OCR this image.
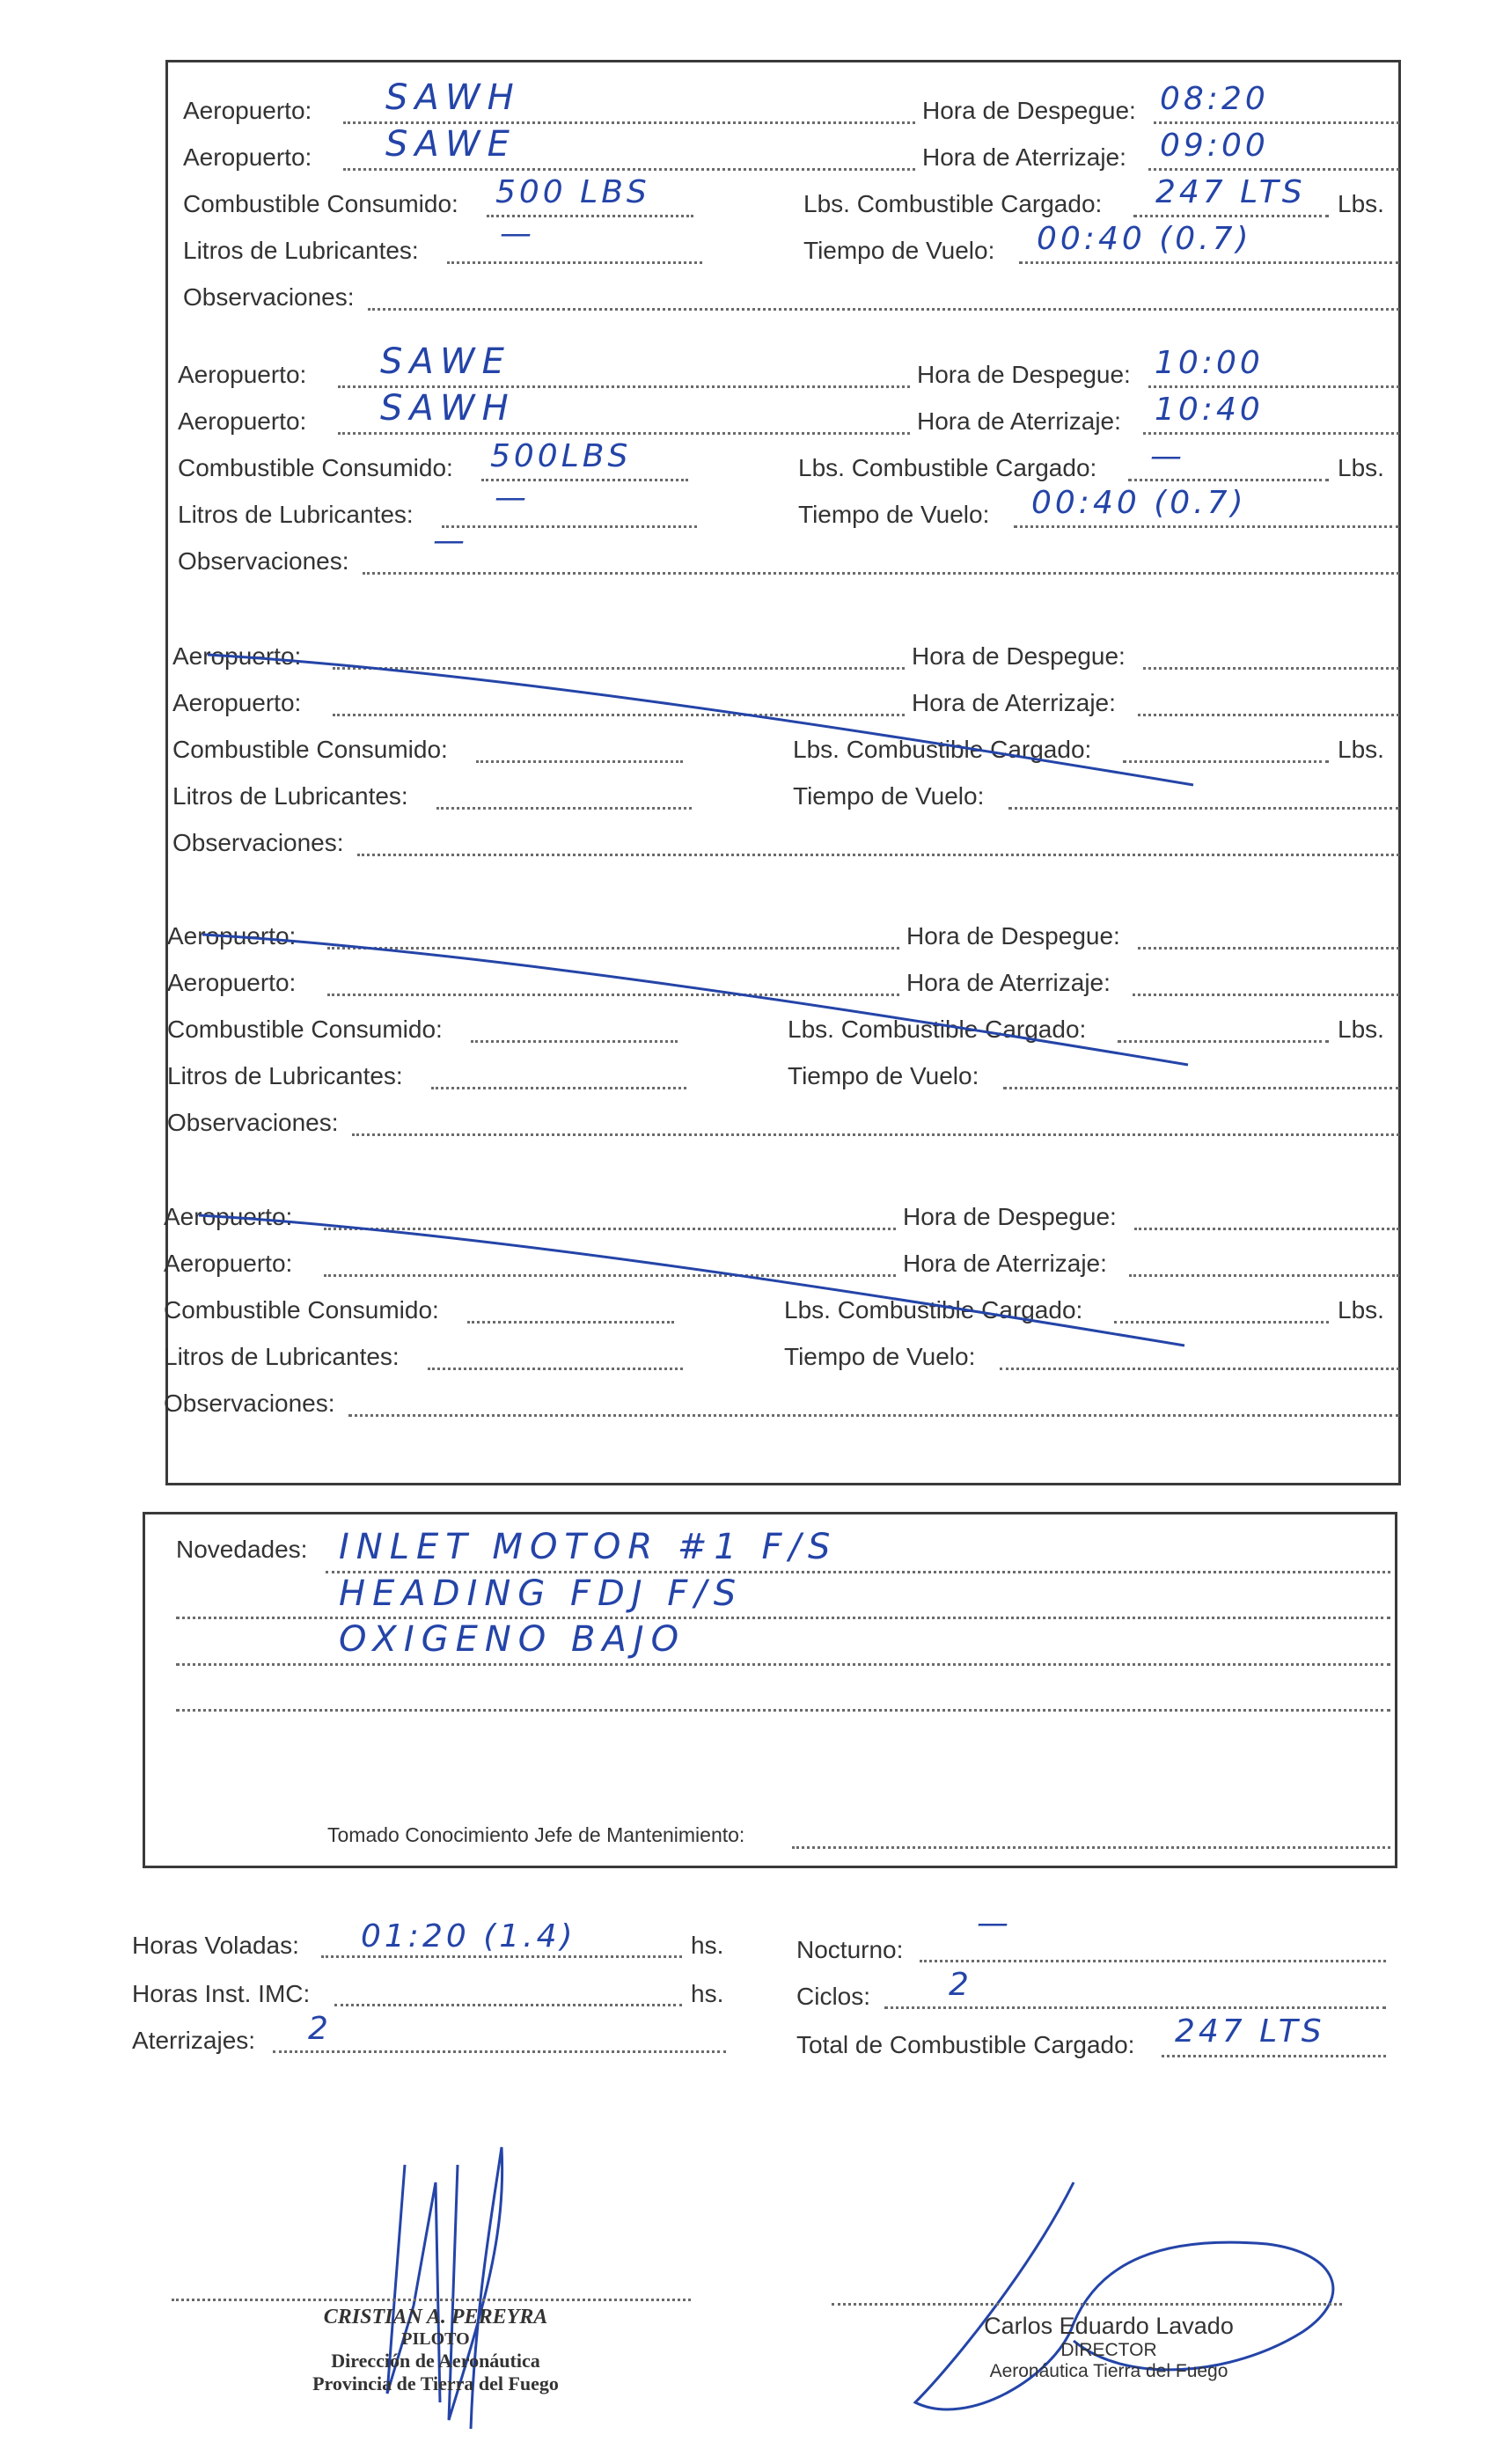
Aeropuerto:	Hora de Despegue:
SAWH	08:20
Aeropuerto:	Hora de Aterrizaje:
SAWE	09:00
Combustible Consumido:	Lbs. Combustible Cargado:	Lbs.
500 LBS	247 LTS
Litros de Lubricantes:	Tiempo de Vuelo:
—	00:40 (0.7)
Observaciones:
Aeropuerto:	Hora de Despegue:
SAWE	10:00
Aeropuerto:	Hora de Aterrizaje:
SAWH	10:40
Combustible Consumido:	Lbs. Combustible Cargado:	Lbs.
500LBS	—
Litros de Lubricantes:	Tiempo de Vuelo:
—	00:40 (0.7)
Observaciones:
—
Aeropuerto:	Hora de Despegue:
Aeropuerto:	Hora de Aterrizaje:
Combustible Consumido:	Lbs. Combustible Cargado:	Lbs.
Litros de Lubricantes:	Tiempo de Vuelo:
Observaciones:
Aeropuerto:	Hora de Despegue:
Aeropuerto:	Hora de Aterrizaje:
Combustible Consumido:	Lbs. Combustible Cargado:	Lbs.
Litros de Lubricantes:	Tiempo de Vuelo:
Observaciones:
Aeropuerto:	Hora de Despegue:
Aeropuerto:	Hora de Aterrizaje:
Combustible Consumido:	Lbs. Combustible Cargado:	Lbs.
Litros de Lubricantes:	Tiempo de Vuelo:
Observaciones:
Novedades: INLET MOTOR #1 F/S
HEADING FDJ F/S
OXIGENO BAJO
Tomado Conocimiento Jefe de Mantenimiento:
Horas Voladas: 01:20 (1.4)	hs.
Horas Inst. IMC:	hs.
Aterrizajes: 2
Nocturno:
—
Ciclos: 2
Total de Combustible Cargado: 247 LTS
CRISTIAN A. PEREYRA
PILOTO
Dirección de Aeronáutica
Provincia de Tierra del Fuego
Carlos Eduardo Lavado
DIRECTOR
Aeronáutica Tierra del Fuego
